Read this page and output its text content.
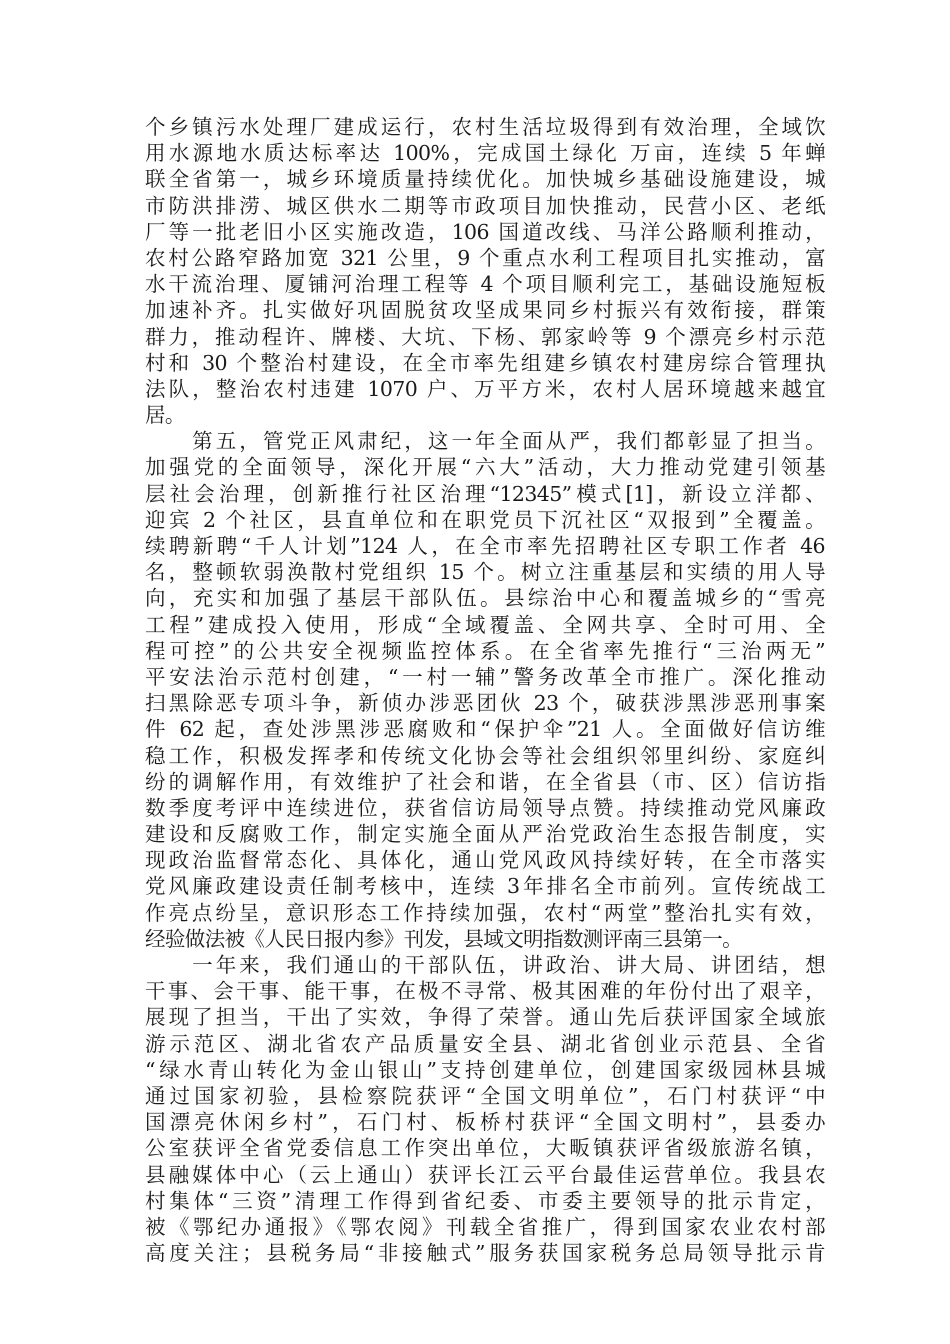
个乡镇污水处理厂建成运行，农村生活垃圾得到有效治理，全域饮
用水源地水质达标率达 100%，完成国土绿化 万亩，连续 5 年蝉
联全省第一，城乡环境质量持续优化。加快城乡基础设施建设，城
市防洪排涝、城区供水二期等市政项目加快推动，民营小区、老纸
厂等一批老旧小区实施改造，106 国道改线、马洋公路顺利推动，
农村公路窄路加宽 321 公里，9 个重点水利工程项目扎实推动，富
水干流治理、厦铺河治理工程等 4 个项目顺利完工，基础设施短板
加速补齐。扎实做好巩固脱贫攻坚成果同乡村振兴有效衔接，群策
群力，推动程许、牌楼、大坑、下杨、郭家岭等 9 个漂亮乡村示范
村和 30 个整治村建设，在全市率先组建乡镇农村建房综合管理执
法队，整治农村违建 1070 户、万平方米，农村人居环境越来越宜
居。
　　第五，管党正风肃纪，这一年全面从严，我们都彰显了担当。
加强党的全面领导，深化开展“六大”活动，大力推动党建引领基
层社会治理，创新推行社区治理“12345”模式[1]，新设立洋都、
迎宾 2 个社区，县直单位和在职党员下沉社区“双报到”全覆盖。
续聘新聘“千人计划”124 人，在全市率先招聘社区专职工作者 46
名，整顿软弱涣散村党组织 15 个。树立注重基层和实绩的用人导
向，充实和加强了基层干部队伍。县综治中心和覆盖城乡的“雪亮
工程”建成投入使用，形成“全域覆盖、全网共享、全时可用、全
程可控”的公共安全视频监控体系。在全省率先推行“三治两无”
平安法治示范村创建，“一村一辅”警务改革全市推广。深化推动
扫黑除恶专项斗争，新侦办涉恶团伙 23 个，破获涉黑涉恶刑事案
件 62 起，查处涉黑涉恶腐败和“保护伞”21 人。全面做好信访维
稳工作，积极发挥孝和传统文化协会等社会组织邻里纠纷、家庭纠
纷的调解作用，有效维护了社会和谐，在全省县（市、区）信访指
数季度考评中连续进位，获省信访局领导点赞。持续推动党风廉政
建设和反腐败工作，制定实施全面从严治党政治生态报告制度，实
现政治监督常态化、具体化，通山党风政风持续好转，在全市落实
党风廉政建设责任制考核中，连续 3年排名全市前列。宣传统战工
作亮点纷呈，意识形态工作持续加强，农村“两堂”整治扎实有效，
经验做法被《人民日报内参》刊发，县域文明指数测评南三县第一。
　　一年来，我们通山的干部队伍，讲政治、讲大局、讲团结，想
干事、会干事、能干事，在极不寻常、极其困难的年份付出了艰辛，
展现了担当，干出了实效，争得了荣誉。通山先后获评国家全域旅
游示范区、湖北省农产品质量安全县、湖北省创业示范县、全省
“绿水青山转化为金山银山”支持创建单位，创建国家级园林县城
通过国家初验，县检察院获评“全国文明单位”，石门村获评“中
国漂亮休闲乡村”，石门村、板桥村获评“全国文明村”，县委办
公室获评全省党委信息工作突出单位，大畈镇获评省级旅游名镇，
县融媒体中心（云上通山）获评长江云平台最佳运营单位。我县农
村集体“三资”清理工作得到省纪委、市委主要领导的批示肯定，
被《鄂纪办通报》《鄂农阅》刊载全省推广，得到国家农业农村部
高度关注；县税务局“非接触式”服务获国家税务总局领导批示肯
